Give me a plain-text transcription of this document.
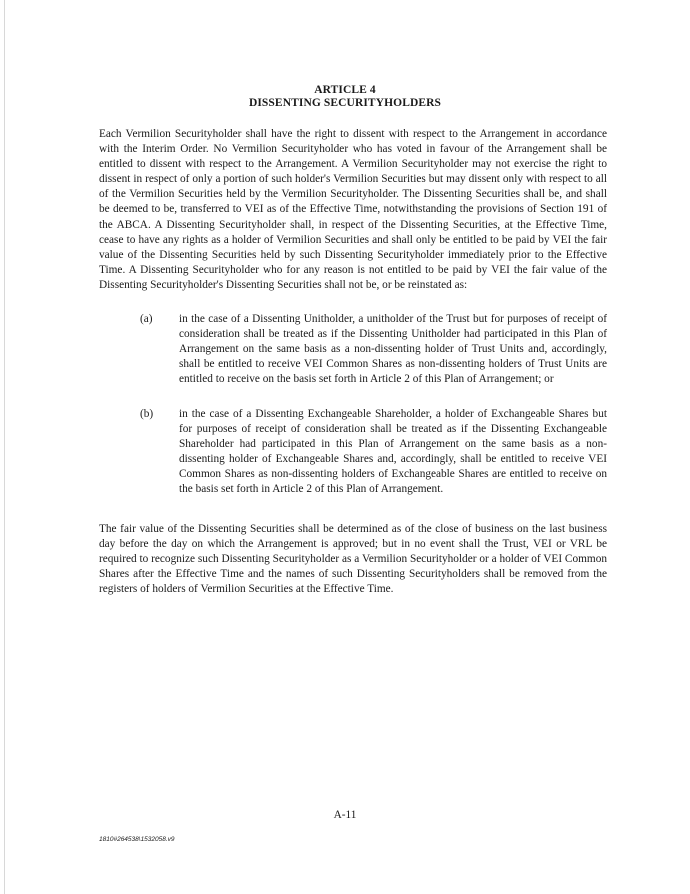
ARTICLE 4
DISSENTING SECURITYHOLDERS

Each Vermilion Securityholder shall have the right to dissent with respect to the Arrangement in accordance with the Interim Order. No Vermilion Securityholder who has voted in favour of the Arrangement shall be entitled to dissent with respect to the Arrangement. A Vermilion Securityholder may not exercise the right to dissent in respect of only a portion of such holder's Vermilion Securities but may dissent only with respect to all of the Vermilion Securities held by the Vermilion Securityholder. The Dissenting Securities shall be, and shall be deemed to be, transferred to VEI as of the Effective Time, notwithstanding the provisions of Section 191 of the ABCA. A Dissenting Securityholder shall, in respect of the Dissenting Securities, at the Effective Time, cease to have any rights as a holder of Vermilion Securities and shall only be entitled to be paid by VEI the fair value of the Dissenting Securities held by such Dissenting Securityholder immediately prior to the Effective Time. A Dissenting Securityholder who for any reason is not entitled to be paid by VEI the fair value of the Dissenting Securityholder's Dissenting Securities shall not be, or be reinstated as:

(a) in the case of a Dissenting Unitholder, a unitholder of the Trust but for purposes of receipt of consideration shall be treated as if the Dissenting Unitholder had participated in this Plan of Arrangement on the same basis as a non-dissenting holder of Trust Units and, accordingly, shall be entitled to receive VEI Common Shares as non-dissenting holders of Trust Units are entitled to receive on the basis set forth in Article 2 of this Plan of Arrangement; or

(b) in the case of a Dissenting Exchangeable Shareholder, a holder of Exchangeable Shares but for purposes of receipt of consideration shall be treated as if the Dissenting Exchangeable Shareholder had participated in this Plan of Arrangement on the same basis as a non-dissenting holder of Exchangeable Shares and, accordingly, shall be entitled to receive VEI Common Shares as non-dissenting holders of Exchangeable Shares are entitled to receive on the basis set forth in Article 2 of this Plan of Arrangement.

The fair value of the Dissenting Securities shall be determined as of the close of business on the last business day before the day on which the Arrangement is approved; but in no event shall the Trust, VEI or VRL be required to recognize such Dissenting Securityholder as a Vermilion Securityholder or a holder of VEI Common Shares after the Effective Time and the names of such Dissenting Securityholders shall be removed from the registers of holders of Vermilion Securities at the Effective Time.

A-11
1810#264538\1532058.v9
